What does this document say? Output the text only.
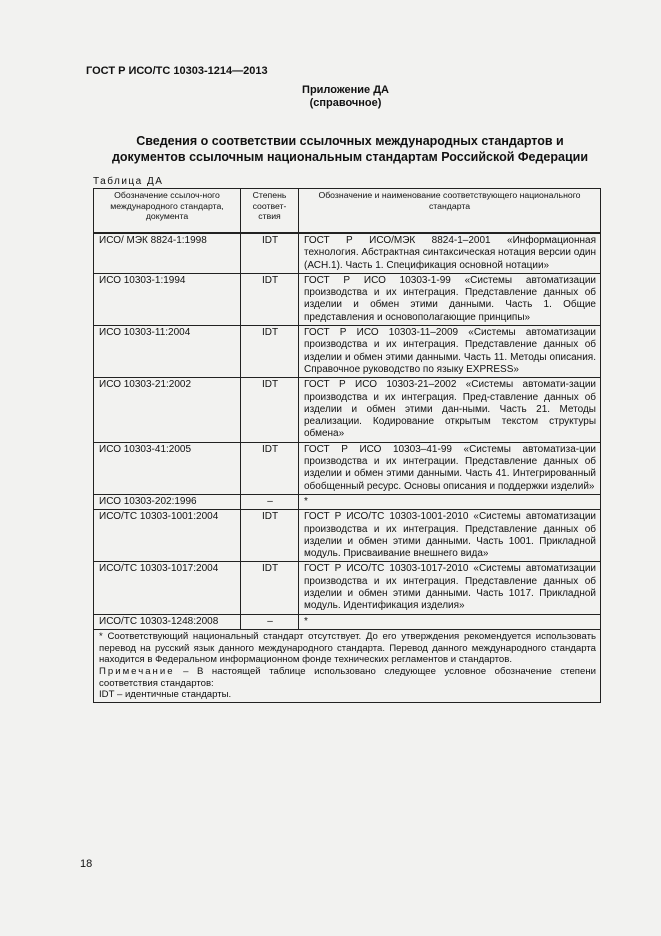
ГОСТ Р ИСО/ТС 10303-1214—2013
Приложение ДА
(справочное)
Сведения о соответствии ссылочных международных стандартов и
документов ссылочным национальным стандартам Российской Федерации
Таблица ДА
Обозначение ссылоч-ного международного стандарта, документа	Степень соответ-ствия	Обозначение и наименование соответствующего национального стандарта
ИСО/ МЭК 8824-1:1998	IDT	ГОСТ Р ИСО/МЭК 8824-1–2001 «Информационная технология. Абстрактная синтаксическая нотация версии один (АСН.1). Часть 1. Спецификация основной нотации»
ИСО 10303-1:1994	IDT	ГОСТ Р ИСО 10303-1-99 «Системы автоматизации производства и их интеграция. Представление данных об изделии и обмен этими данными. Часть 1. Общие представления и основополагающие принципы»
ИСО 10303-11:2004	IDT	ГОСТ Р ИСО 10303-11–2009 «Системы автоматизации производства и их интеграция. Представление данных об изделии и обмен этими данными. Часть 11. Методы описания. Справочное руководство по языку EXPRESS»
ИСО 10303-21:2002	IDT	ГОСТ Р ИСО 10303-21–2002 «Системы автомати-зации производства и их интеграция. Пред-ставление данных об изделии и обмен этими дан-ными. Часть 21. Методы реализации. Кодирование открытым текстом структуры обмена»
ИСО 10303-41:2005	IDT	ГОСТ Р ИСО 10303–41-99 «Системы автоматиза-ции производства и их интеграции. Представление данных об изделии и обмен этими данными. Часть 41. Интегрированный обобщенный ресурс. Основы описания и поддержки изделий»
ИСО 10303-202:1996	–	*
ИСО/ТС 10303-1001:2004	IDT	ГОСТ Р ИСО/ТС 10303-1001-2010 «Системы автоматизации производства и их интеграция. Представление данных об изделии и обмен этими данными. Часть 1001. Прикладной модуль. Присваивание внешнего вида»
ИСО/ТС 10303-1017:2004	IDT	ГОСТ Р ИСО/ТС 10303-1017-2010 «Системы автоматизации производства и их интеграция. Представление данных об изделии и обмен этими данными. Часть 1017. Прикладной модуль. Идентификация изделия»
ИСО/ТС 10303-1248:2008	–	*

* Соответствующий национальный стандарт отсутствует. До его утверждения рекомендуется использовать перевод на русский язык данного международного стандарта. Перевод данного международного стандарта находится в Федеральном информационном фонде технических регламентов и стандартов.
Примечание – В настоящей таблице использовано следующее условное обозначение степени соответствия стандартов:
IDT – идентичные стандарты.		
18
